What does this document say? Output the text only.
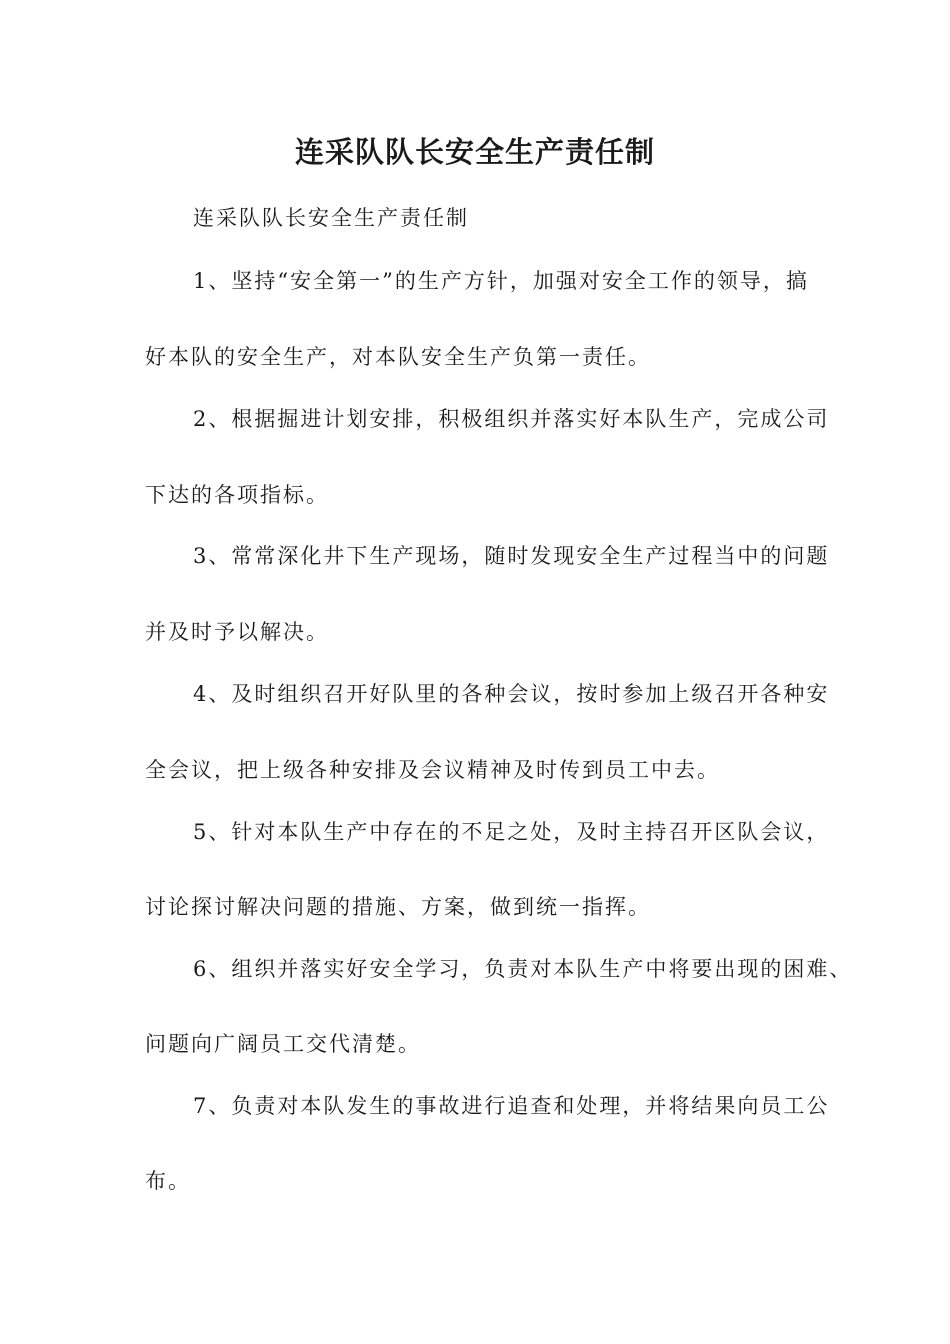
连采队队长安全生产责任制

连采队队长安全生产责任制

1、坚持“安全第一”的生产方针，加强对安全工作的领导，搞

好本队的安全生产，对本队安全生产负第一责任。

2、根据掘进计划安排，积极组织并落实好本队生产，完成公司

下达的各项指标。

3、常常深化井下生产现场，随时发现安全生产过程当中的问题

并及时予以解决。

4、及时组织召开好队里的各种会议，按时参加上级召开各种安

全会议，把上级各种安排及会议精神及时传到员工中去。

5、针对本队生产中存在的不足之处，及时主持召开区队会议，

讨论探讨解决问题的措施、方案，做到统一指挥。

6、组织并落实好安全学习，负责对本队生产中将要出现的困难、

问题向广阔员工交代清楚。

7、负责对本队发生的事故进行追查和处理，并将结果向员工公

布。
